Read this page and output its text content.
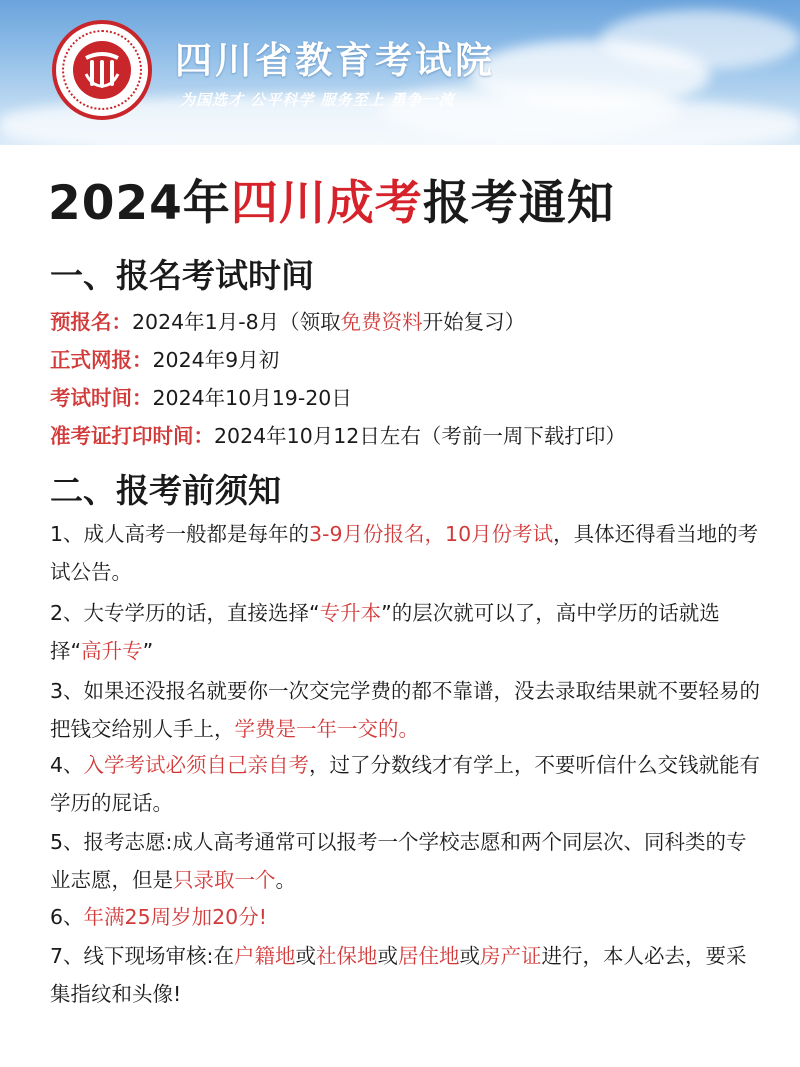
四川省教育考试院
为国选才 公平科学 服务至上 勇争一流
2024年四川成考报考通知
一、报名考试时间
预报名：2024年1月-8月（领取免费资料开始复习）
正式网报：2024年9月初
考试时间：2024年10月19-20日
准考证打印时间：2024年10月12日左右（考前一周下载打印）
二、报考前须知
1、成人高考一般都是每年的3-9月份报名，10月份考试，具体还得看当地的考试公告。
2、大专学历的话，直接选择“专升本”的层次就可以了，高中学历的话就选择“高升专”
3、如果还没报名就要你一次交完学费的都不靠谱，没去录取结果就不要轻易的把钱交给别人手上，学费是一年一交的。
4、入学考试必须自己亲自考，过了分数线才有学上，不要听信什么交钱就能有学历的屁话。
5、报考志愿:成人高考通常可以报考一个学校志愿和两个同层次、同科类的专业志愿，但是只录取一个。
6、年满25周岁加20分!
7、线下现场审核:在户籍地或社保地或居住地或房产证进行，本人必去，要采集指纹和头像!
